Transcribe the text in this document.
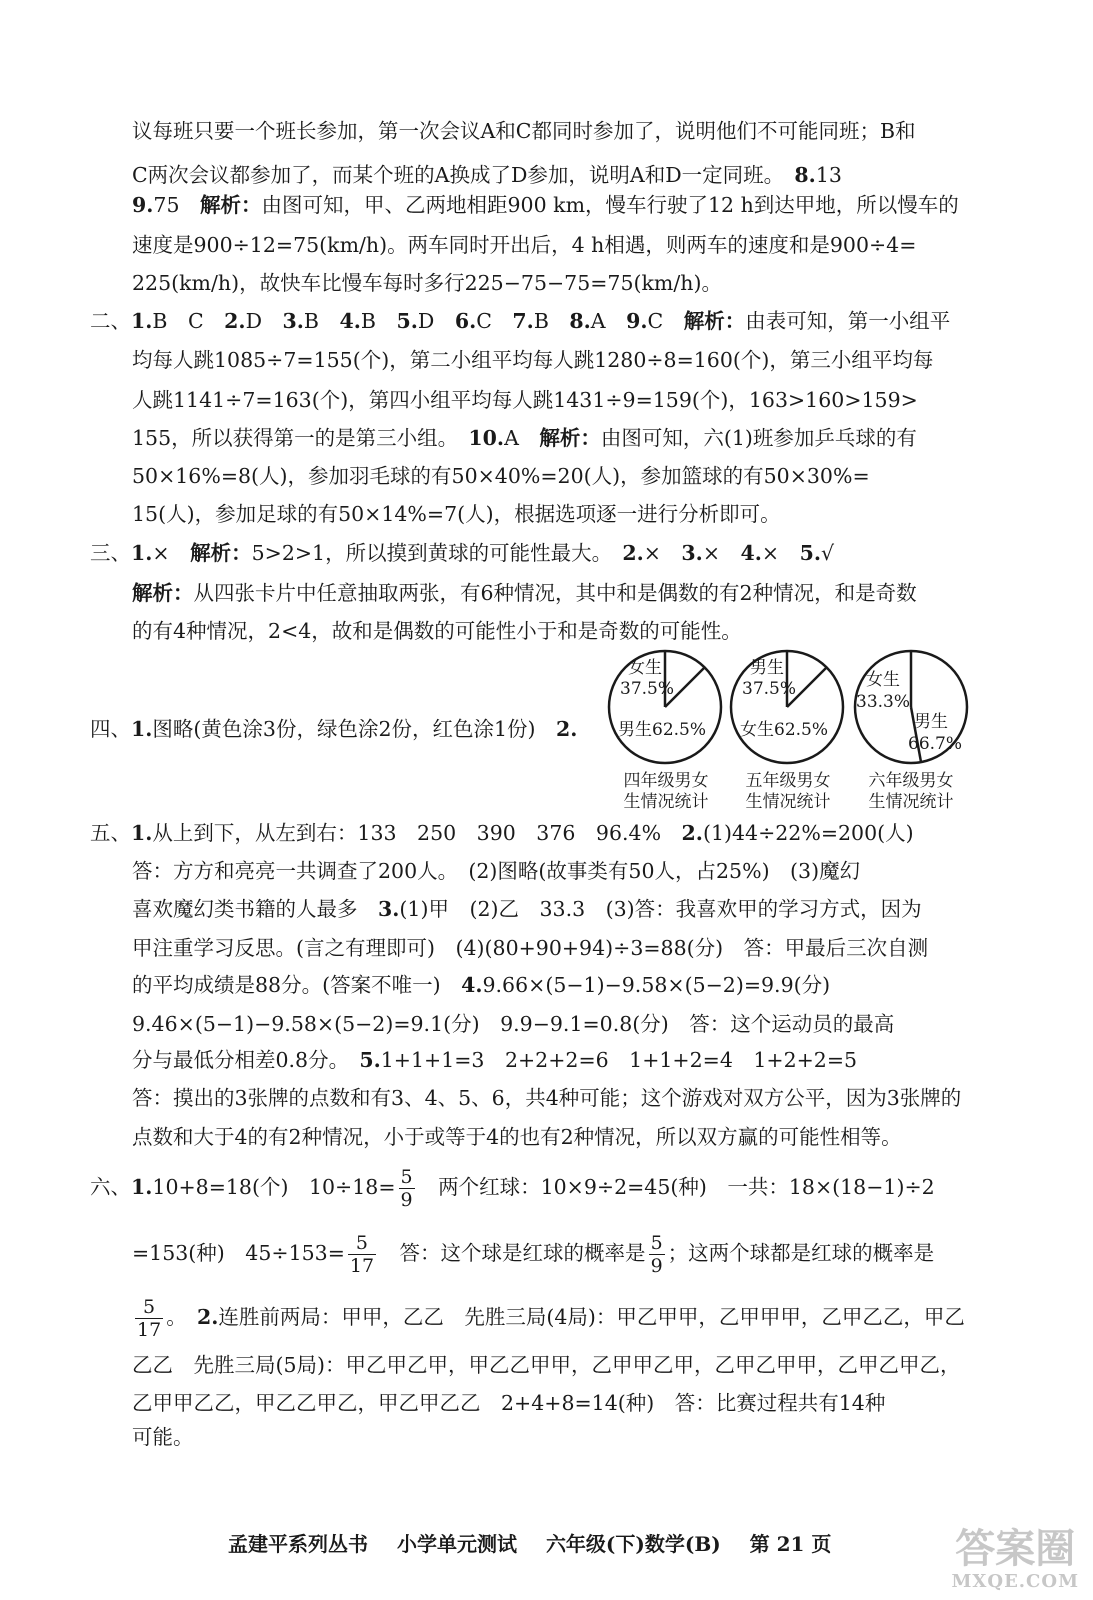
议每班只要一个班长参加，第一次会议A和C都同时参加了，说明他们不可能同班；B和
C两次会议都参加了，而某个班的A换成了D参加，说明A和D一定同班。　 8.13
9.75　 解析：由图可知，甲、乙两地相距900 km，慢车行驶了12 h到达甲地，所以慢车的
速度是900÷12=75(km/h)。两车同时开出后，4 h相遇，则两车的速度和是900÷4=
225(km/h)，故快车比慢车每时多行225−75−75=75(km/h)。
二、1.B　C　 2.D　 3.B　 4.B　 5.D　 6.C　 7.B　 8.A　 9.C　 解析：由表可知，第一小组平
均每人跳1085÷7=155(个)，第二小组平均每人跳1280÷8=160(个)，第三小组平均每
人跳1141÷7=163(个)，第四小组平均每人跳1431÷9=159(个)，163>160>159>
155，所以获得第一的是第三小组。　 10.A　 解析：由图可知，六(1)班参加乒乓球的有
50×16%=8(人)，参加羽毛球的有50×40%=20(人)，参加篮球的有50×30%=
15(人)，参加足球的有50×14%=7(人)，根据选项逐一进行分析即可。
三、1.×　 解析：5>2>1，所以摸到黄球的可能性最大。　 2.×　 3.×　 4.×　 5.√
解析：从四张卡片中任意抽取两张，有6种情况，其中和是偶数的有2种情况，和是奇数
的有4种情况，2<4，故和是偶数的可能性小于和是奇数的可能性。
四、1.图略(黄色涂3份，绿色涂2份，红色涂1份)　 2.
女生
37.5%
男生62.5%
四年级男女
生情况统计
男生
37.5%
女生62.5%
五年级男女
生情况统计
女生
33.3%
男生
66.7%
六年级男女
生情况统计
五、1.从上到下，从左到右：133　250　390　376　96.4%　 2.(1)44÷22%=200(人)
答：方方和亮亮一共调查了200人。　(2)图略(故事类有50人，占25%)　(3)魔幻
喜欢魔幻类书籍的人最多　 3.(1)甲　(2)乙　33.3　(3)答：我喜欢甲的学习方式，因为
甲注重学习反思。(言之有理即可)　(4)(80+90+94)÷3=88(分)　答：甲最后三次自测
的平均成绩是88分。(答案不唯一)　 4.9.66×(5−1)−9.58×(5−2)=9.9(分)
9.46×(5−1)−9.58×(5−2)=9.1(分)　9.9−9.1=0.8(分)　答：这个运动员的最高
分与最低分相差0.8分。　 5.1+1+1=3　2+2+2=6　1+1+2=4　1+2+2=5
答：摸出的3张牌的点数和有3、4、5、6，共4种可能；这个游戏对双方公平，因为3张牌的
点数和大于4的有2种情况，小于或等于4的也有2种情况，所以双方赢的可能性相等。
六、1.10+8=18(个)　$10\div 18= \frac{5}{9}$ 　两个红球：10×9÷2=45(种)　一共：18×(18−1)÷2
=153(种)　$45\div 153= \frac{5}{17}$ 　答：这个球是红球的概率是 $\frac{5}{9}$ ；这两个球都是红球的概率是
$\frac{5}{17}$ 。　 2.连胜前两局：甲甲，乙乙　先胜三局(4局)：甲乙甲甲，乙甲甲甲，乙甲乙乙，甲乙
乙乙　先胜三局(5局)：甲乙甲乙甲，甲乙乙甲甲，乙甲甲乙甲，乙甲乙甲甲，乙甲乙甲乙，
乙甲甲乙乙，甲乙乙甲乙，甲乙甲乙乙　2+4+8=14(种)　答：比赛过程共有14种
可能。
孟建平系列丛书 小学单元测试 六年级(下)数学(B) 第 21 页	答案圈
MXQE.COM
